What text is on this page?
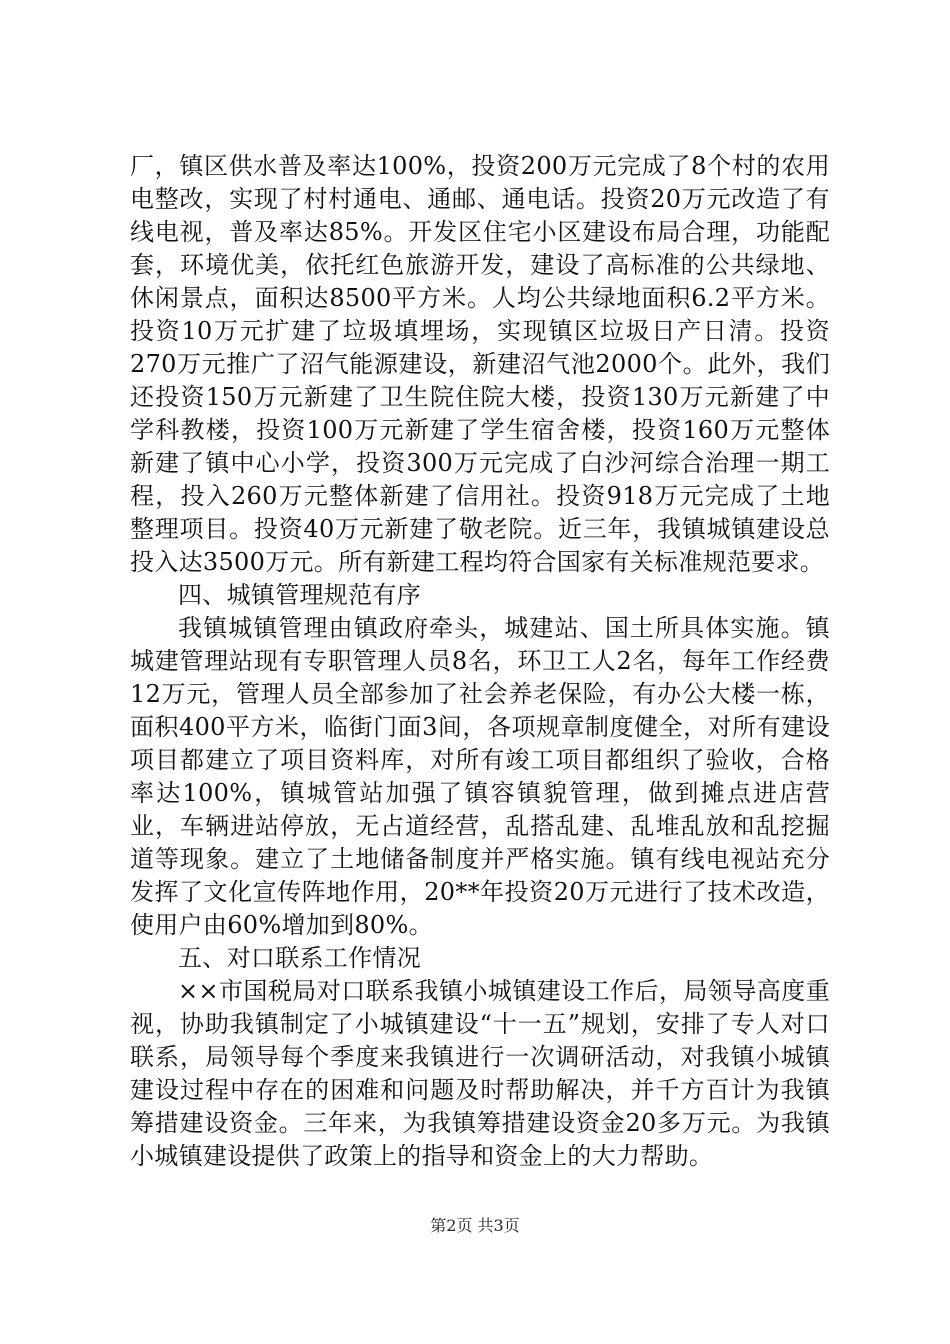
厂，镇区供水普及率达100%，投资200万元完成了8个村的农用电整改，实现了村村通电、通邮、通电话。投资20万元改造了有线电视，普及率达85%。开发区住宅小区建设布局合理，功能配套，环境优美，依托红色旅游开发，建设了高标准的公共绿地、休闲景点，面积达8500平方米。人均公共绿地面积6.2平方米。投资10万元扩建了垃圾填埋场，实现镇区垃圾日产日清。投资270万元推广了沼气能源建设，新建沼气池2000个。此外，我们还投资150万元新建了卫生院住院大楼，投资130万元新建了中学科教楼，投资100万元新建了学生宿舍楼，投资160万元整体新建了镇中心小学，投资300万元完成了白沙河综合治理一期工程，投入260万元整体新建了信用社。投资918万元完成了土地整理项目。投资40万元新建了敬老院。近三年，我镇城镇建设总投入达3500万元。所有新建工程均符合国家有关标准规范要求。

四、城镇管理规范有序

我镇城镇管理由镇政府牵头，城建站、国土所具体实施。镇城建管理站现有专职管理人员8名，环卫工人2名，每年工作经费12万元，管理人员全部参加了社会养老保险，有办公大楼一栋，面积400平方米，临街门面3间，各项规章制度健全，对所有建设项目都建立了项目资料库，对所有竣工项目都组织了验收，合格率达100%，镇城管站加强了镇容镇貌管理，做到摊点进店营业，车辆进站停放，无占道经营，乱搭乱建、乱堆乱放和乱挖掘道等现象。建立了土地储备制度并严格实施。镇有线电视站充分发挥了文化宣传阵地作用，20**年投资20万元进行了技术改造，使用户由60%增加到80%。

五、对口联系工作情况

××市国税局对口联系我镇小城镇建设工作后，局领导高度重视，协助我镇制定了小城镇建设“十一五”规划，安排了专人对口联系，局领导每个季度来我镇进行一次调研活动，对我镇小城镇建设过程中存在的困难和问题及时帮助解决，并千方百计为我镇筹措建设资金。三年来，为我镇筹措建设资金20多万元。为我镇小城镇建设提供了政策上的指导和资金上的大力帮助。

第2页 共3页
